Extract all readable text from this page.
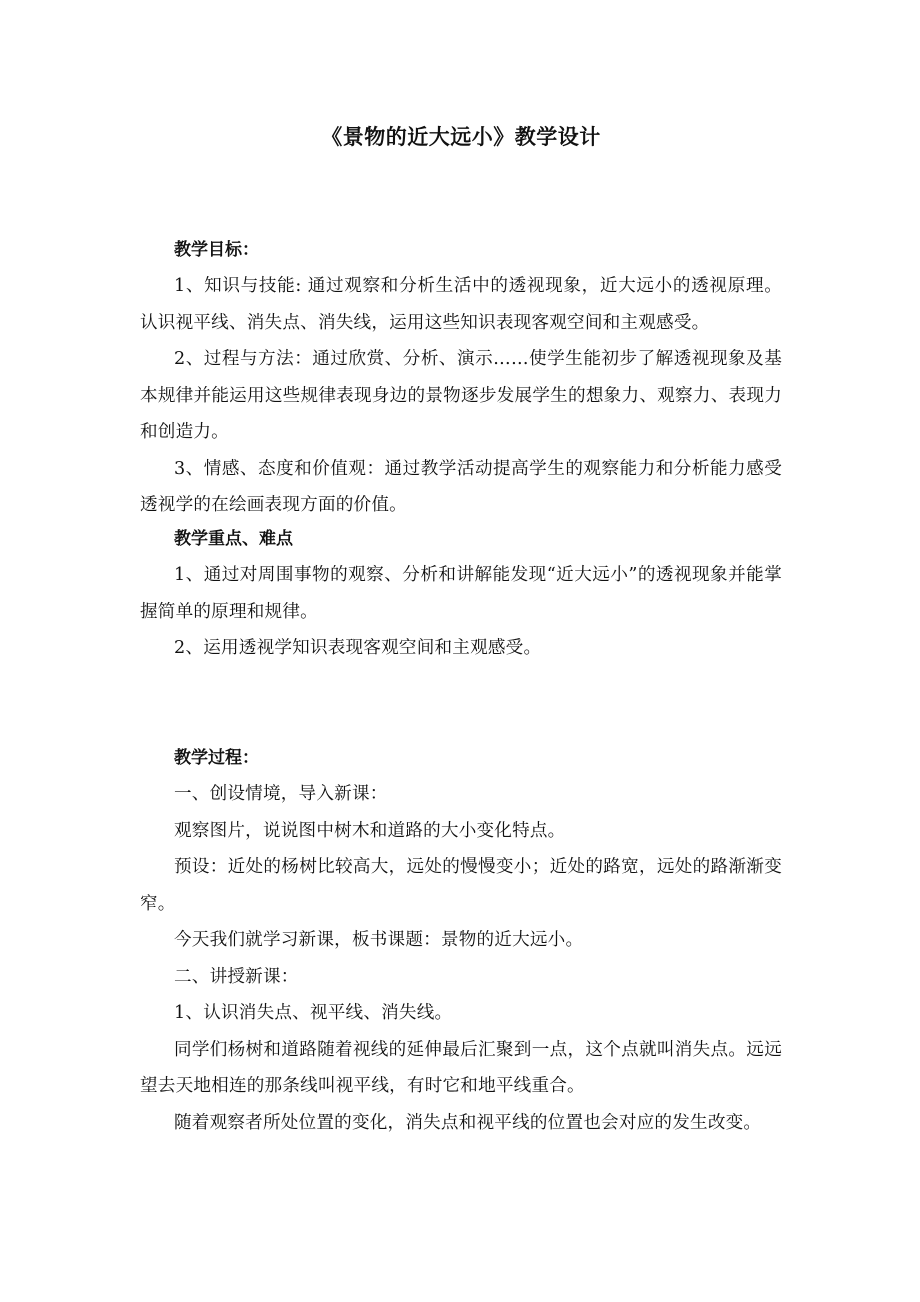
《景物的近大远小》教学设计

教学目标：

1、知识与技能: 通过观察和分析生活中的透视现象，近大远小的透视原理。认识视平线、消失点、消失线，运用这些知识表现客观空间和主观感受。

2、过程与方法：通过欣赏、分析、演示……使学生能初步了解透视现象及基本规律并能运用这些规律表现身边的景物逐步发展学生的想象力、观察力、表现力和创造力。

3、情感、态度和价值观：通过教学活动提高学生的观察能力和分析能力感受透视学的在绘画表现方面的价值。

教学重点、难点

1、通过对周围事物的观察、分析和讲解能发现“近大远小”的透视现象并能掌握简单的原理和规律。

2、运用透视学知识表现客观空间和主观感受。

教学过程：

一、创设情境，导入新课：

观察图片，说说图中树木和道路的大小变化特点。

预设：近处的杨树比较高大，远处的慢慢变小；近处的路宽，远处的路渐渐变窄。

今天我们就学习新课，板书课题：景物的近大远小。

二、讲授新课：

1、认识消失点、视平线、消失线。

同学们杨树和道路随着视线的延伸最后汇聚到一点，这个点就叫消失点。远远望去天地相连的那条线叫视平线，有时它和地平线重合。

随着观察者所处位置的变化，消失点和视平线的位置也会对应的发生改变。
